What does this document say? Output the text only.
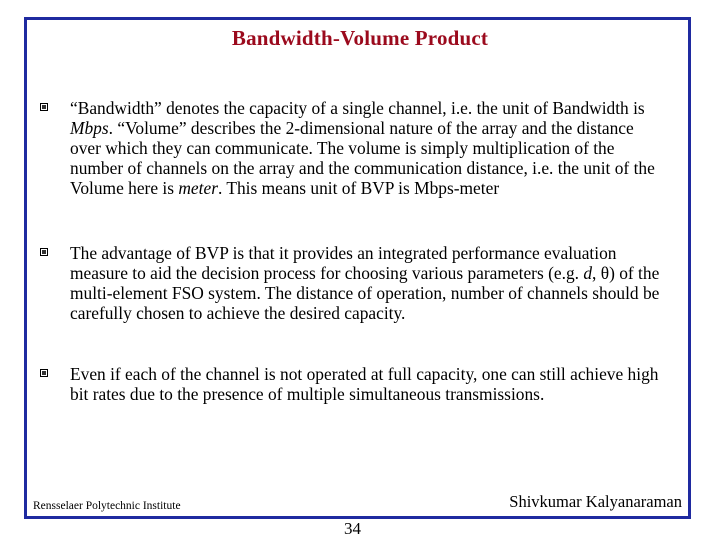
Bandwidth-Volume Product
“Bandwidth” denotes the capacity of a single channel, i.e. the unit of Bandwidth is Mbps. “Volume” describes the 2-dimensional nature of the array and the distance over which they can communicate. The volume is simply multiplication of the number of channels on the array and the communication distance, i.e. the unit of the Volume here is meter. This means unit of BVP is Mbps-meter
The advantage of BVP is that it provides an integrated performance evaluation measure to aid the decision process for choosing various parameters (e.g. d, θ) of the multi-element FSO system. The distance of operation, number of channels should be carefully chosen to achieve the desired capacity.
Even if each of the channel is not operated at full capacity, one can still achieve high bit rates due to the presence of multiple simultaneous transmissions.
Rensselaer Polytechnic Institute	Shivkumar Kalyanaraman
34
